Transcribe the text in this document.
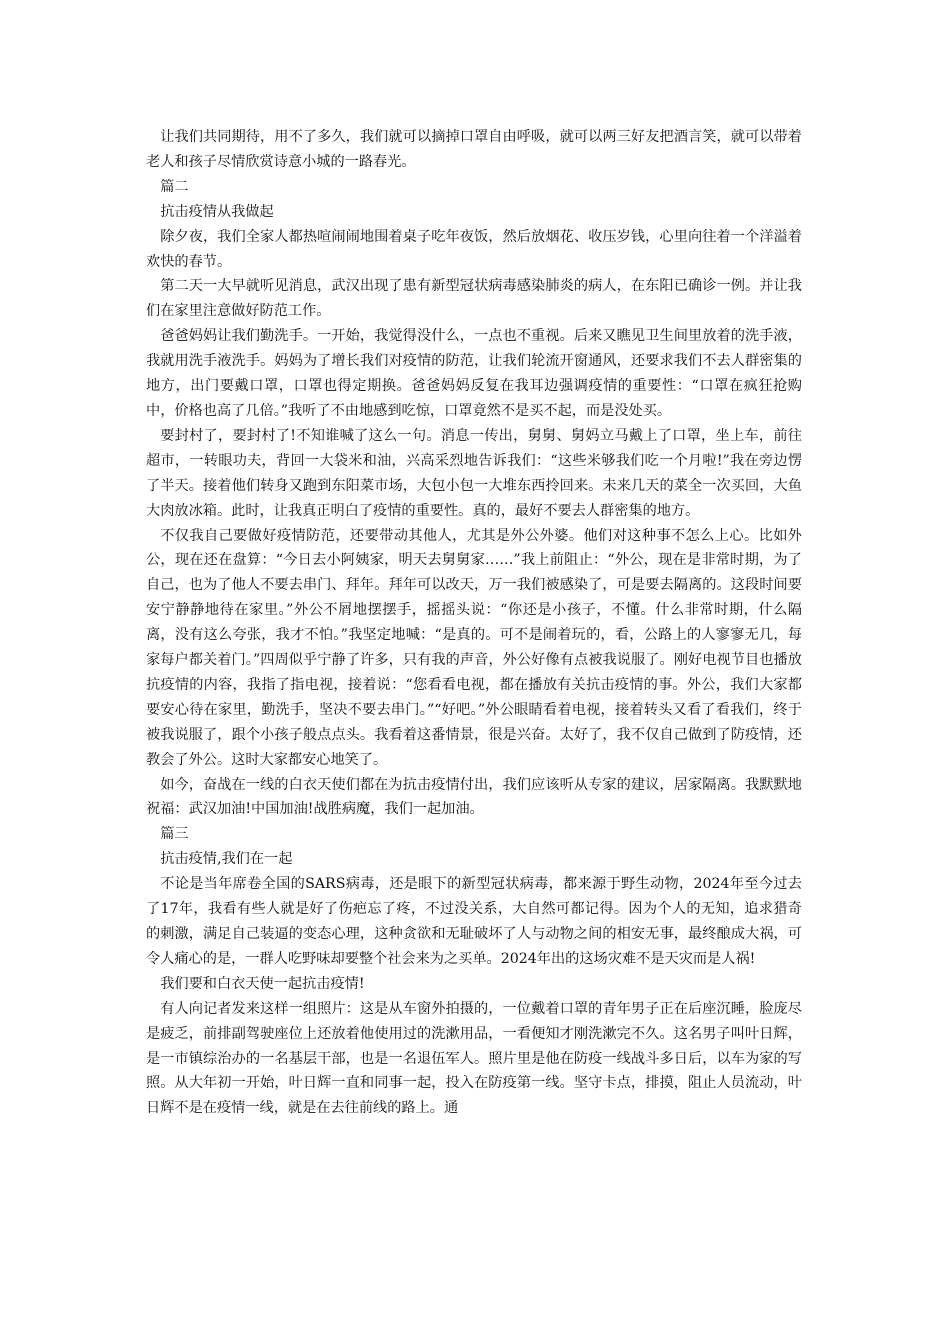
让我们共同期待，用不了多久，我们就可以摘掉口罩自由呼吸，就可以两三好友把酒言笑，就可以带着老人和孩子尽情欣赏诗意小城的一路春光。

篇二

抗击疫情从我做起

除夕夜，我们全家人都热喧闹闹地围着桌子吃年夜饭，然后放烟花、收压岁钱，心里向往着一个洋溢着欢快的春节。

第二天一大早就听见消息，武汉出现了患有新型冠状病毒感染肺炎的病人，在东阳已确诊一例。并让我们在家里注意做好防范工作。

爸爸妈妈让我们勤洗手。一开始，我觉得没什么，一点也不重视。后来又瞧见卫生间里放着的洗手液，我就用洗手液洗手。妈妈为了增长我们对疫情的防范，让我们轮流开窗通风，还要求我们不去人群密集的地方，出门要戴口罩，口罩也得定期换。爸爸妈妈反复在我耳边强调疫情的重要性：“口罩在疯狂抢购中，价格也高了几倍。”我听了不由地感到吃惊，口罩竟然不是买不起，而是没处买。

要封村了，要封村了!不知谁喊了这么一句。消息一传出，舅舅、舅妈立马戴上了口罩，坐上车，前往超市，一转眼功夫，背回一大袋米和油，兴高采烈地告诉我们：“这些米够我们吃一个月啦!”我在旁边愣了半天。接着他们转身又跑到东阳菜市场，大包小包一大堆东西拎回来。未来几天的菜全一次买回，大鱼大肉放冰箱。此时，让我真正明白了疫情的重要性。真的，最好不要去人群密集的地方。

不仅我自己要做好疫情防范，还要带动其他人，尤其是外公外婆。他们对这种事不怎么上心。比如外公，现在还在盘算：“今日去小阿姨家，明天去舅舅家……”我上前阻止：“外公，现在是非常时期，为了自己，也为了他人不要去串门、拜年。拜年可以改天，万一我们被感染了，可是要去隔离的。这段时间要安宁静静地待在家里。”外公不屑地摆摆手，摇摇头说：“你还是小孩子，不懂。什么非常时期，什么隔离，没有这么夸张，我才不怕。”我坚定地喊：“是真的。可不是闹着玩的，看，公路上的人寥寥无几，每家每户都关着门。”四周似乎宁静了许多，只有我的声音，外公好像有点被我说服了。刚好电视节目也播放抗疫情的内容，我指了指电视，接着说：“您看看电视，都在播放有关抗击疫情的事。外公，我们大家都要安心待在家里，勤洗手，坚决不要去串门。”“好吧。”外公眼睛看着电视，接着转头又看了看我们，终于被我说服了，跟个小孩子般点点头。我看着这番情景，很是兴奋。太好了，我不仅自己做到了防疫情，还教会了外公。这时大家都安心地笑了。

如今，奋战在一线的白衣天使们都在为抗击疫情付出，我们应该听从专家的建议，居家隔离。我默默地祝福：武汉加油!中国加油!战胜病魔，我们一起加油。

篇三

抗击疫情,我们在一起

不论是当年席卷全国的SARS病毒，还是眼下的新型冠状病毒，都来源于野生动物，2024年至今过去了17年，我看有些人就是好了伤疤忘了疼，不过没关系，大自然可都记得。因为个人的无知，追求猎奇的刺激，满足自己装逼的变态心理，这种贪欲和无耻破坏了人与动物之间的相安无事，最终酿成大祸，可令人痛心的是，一群人吃野味却要整个社会来为之买单。2024年出的这场灾难不是天灾而是人祸!

我们要和白衣天使一起抗击疫情!

有人向记者发来这样一组照片：这是从车窗外拍摄的，一位戴着口罩的青年男子正在后座沉睡，脸庞尽是疲乏，前排副驾驶座位上还放着他使用过的洗漱用品，一看便知才刚洗漱完不久。这名男子叫叶日辉，是一市镇综治办的一名基层干部，也是一名退伍军人。照片里是他在防疫一线战斗多日后，以车为家的写照。从大年初一开始，叶日辉一直和同事一起，投入在防疫第一线。坚守卡点，排摸，阻止人员流动，叶日辉不是在疫情一线，就是在去往前线的路上。通
